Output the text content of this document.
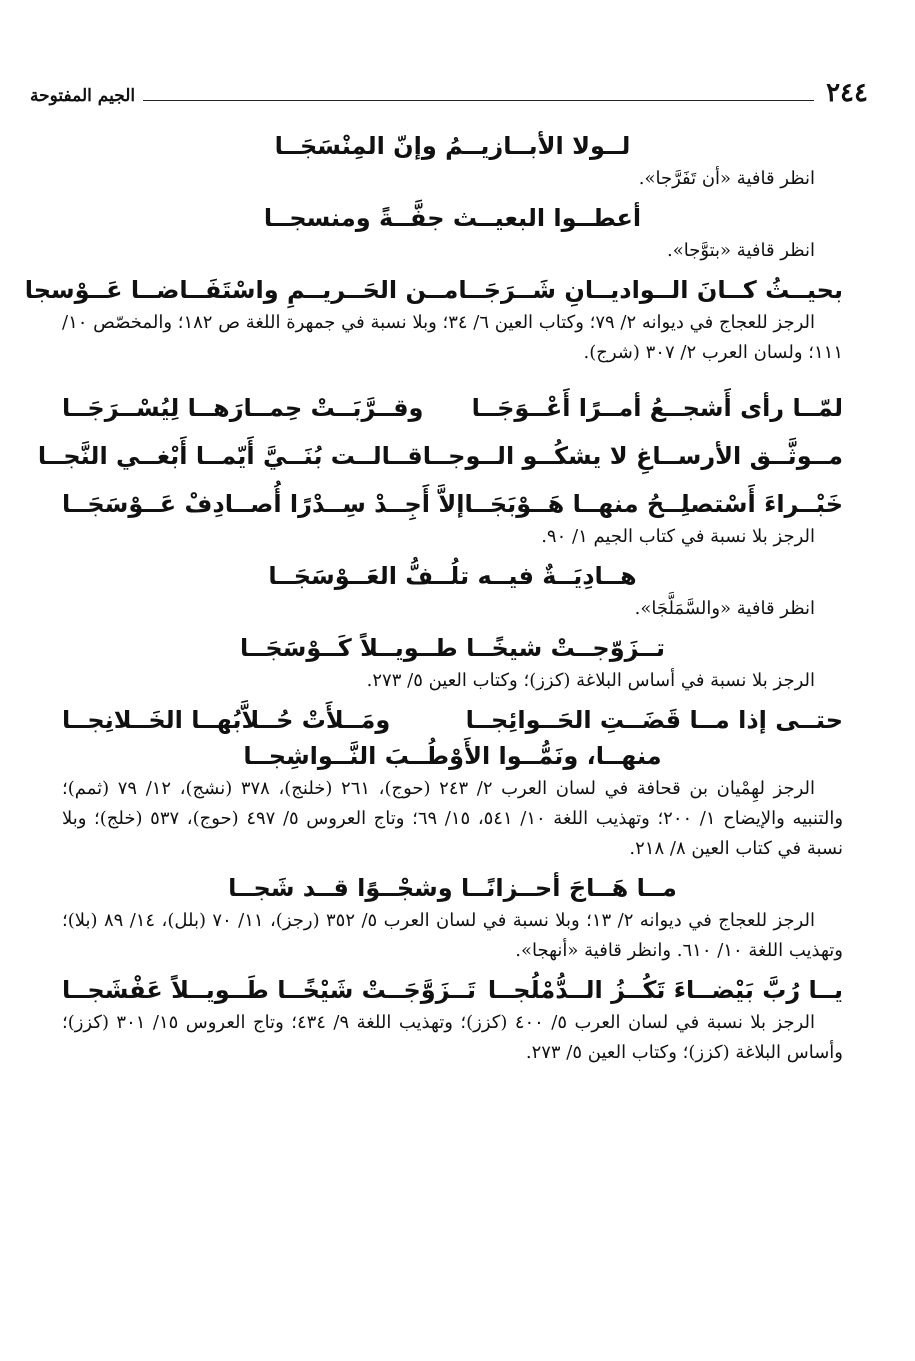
٢٤٤
الجيم المفتوحة
لــولا الأبــازيــمُ وإنّ المِنْسَجَــا
انظر قافية «أن تَفَرَّجا».
أعطــوا البعيــث جفَّــةً ومنسجــا
انظر قافية «بتوَّجا».
بحيــثُ كــانَ الــواديــانِ شَــرَجَــا
مــن الحَــريــمِ واسْتَفَــاضــا عَــوْسجا
الرجز للعجاج في ديوانه ٢/ ٧٩؛ وكتاب العين ٦/ ٣٤؛ وبلا نسبة في جمهرة اللغة ص ١٨٢؛ والمخصّص ١٠/ ١١١؛ ولسان العرب ٢/ ٣٠٧ (شرج).
لمّــا رأى أَشجــعُ أمــرًا أَعْــوَجَــا
وقــرَّبَــتْ حِمــارَهــا لِيُسْــرَجَــا
مــوثَّــق الأرســاغِ لا يشكُــو الــوجــا
قــالــت بُنَــيَّ أَيّمــا أَبْغــي النَّجــا
خَبْــراءَ أَسْتصلِــحُ منهــا هَــوْبَجَــا
إلاَّ أَجِــدْ سِــدْرًا أُصــادِفْ عَــوْسَجَــا
الرجز بلا نسبة في كتاب الجيم ١/ ٩٠.
هــادِيَــةٌ فيــه تلُــفُّ العَــوْسَجَــا
انظر قافية «والسَّمَلَّجَا».
تــزَوّجــتْ شيخًــا طــويــلاً كَــوْسَجَــا
الرجز بلا نسبة في أساس البلاغة (كزز)؛ وكتاب العين ٥/ ٢٧٣.
حتــى إذا مــا قَضَــتِ الحَــوائِجــا
ومَــلأَتْ حُــلاَّبُهــا الخَــلانِجــا
منهــا، ونَمُّــوا الأَوْطُــبَ النَّــواشِجــا
الرجز لهِمْيان بن قحافة في لسان العرب ٢/ ٢٤٣ (حوج)، ٢٦١ (خلنج)، ٣٧٨ (نشج)، ١٢/ ٧٩ (ثمم)؛ والتنبيه والإيضاح ١/ ٢٠٠؛ وتهذيب اللغة ١٠/ ٥٤١، ١٥/ ٦٩؛ وتاج العروس ٥/ ٤٩٧ (حوج)، ٥٣٧ (خلج)؛ وبلا نسبة في كتاب العين ٨/ ٢١٨.
مــا هَــاجَ أحــزانًــا وشجْــوًا قــد شَجــا
الرجز للعجاج في ديوانه ٢/ ١٣؛ وبلا نسبة في لسان العرب ٥/ ٣٥٢ (رجز)، ١١/ ٧٠ (بلل)، ١٤/ ٨٩ (بلا)؛ وتهذيب اللغة ١٠/ ٦١٠. وانظر قافية «أنهجا».
يــا رُبَّ بَيْضــاءَ تَكُــزُ الــدُّمْلُجــا
تَــزَوَّجَــتْ شَيْخًــا طَــويــلاً عَفْشَجــا
الرجز بلا نسبة في لسان العرب ٥/ ٤٠٠ (كزز)؛ وتهذيب اللغة ٩/ ٤٣٤؛ وتاج العروس ١٥/ ٣٠١ (كزز)؛ وأساس البلاغة (كزز)؛ وكتاب العين ٥/ ٢٧٣.
